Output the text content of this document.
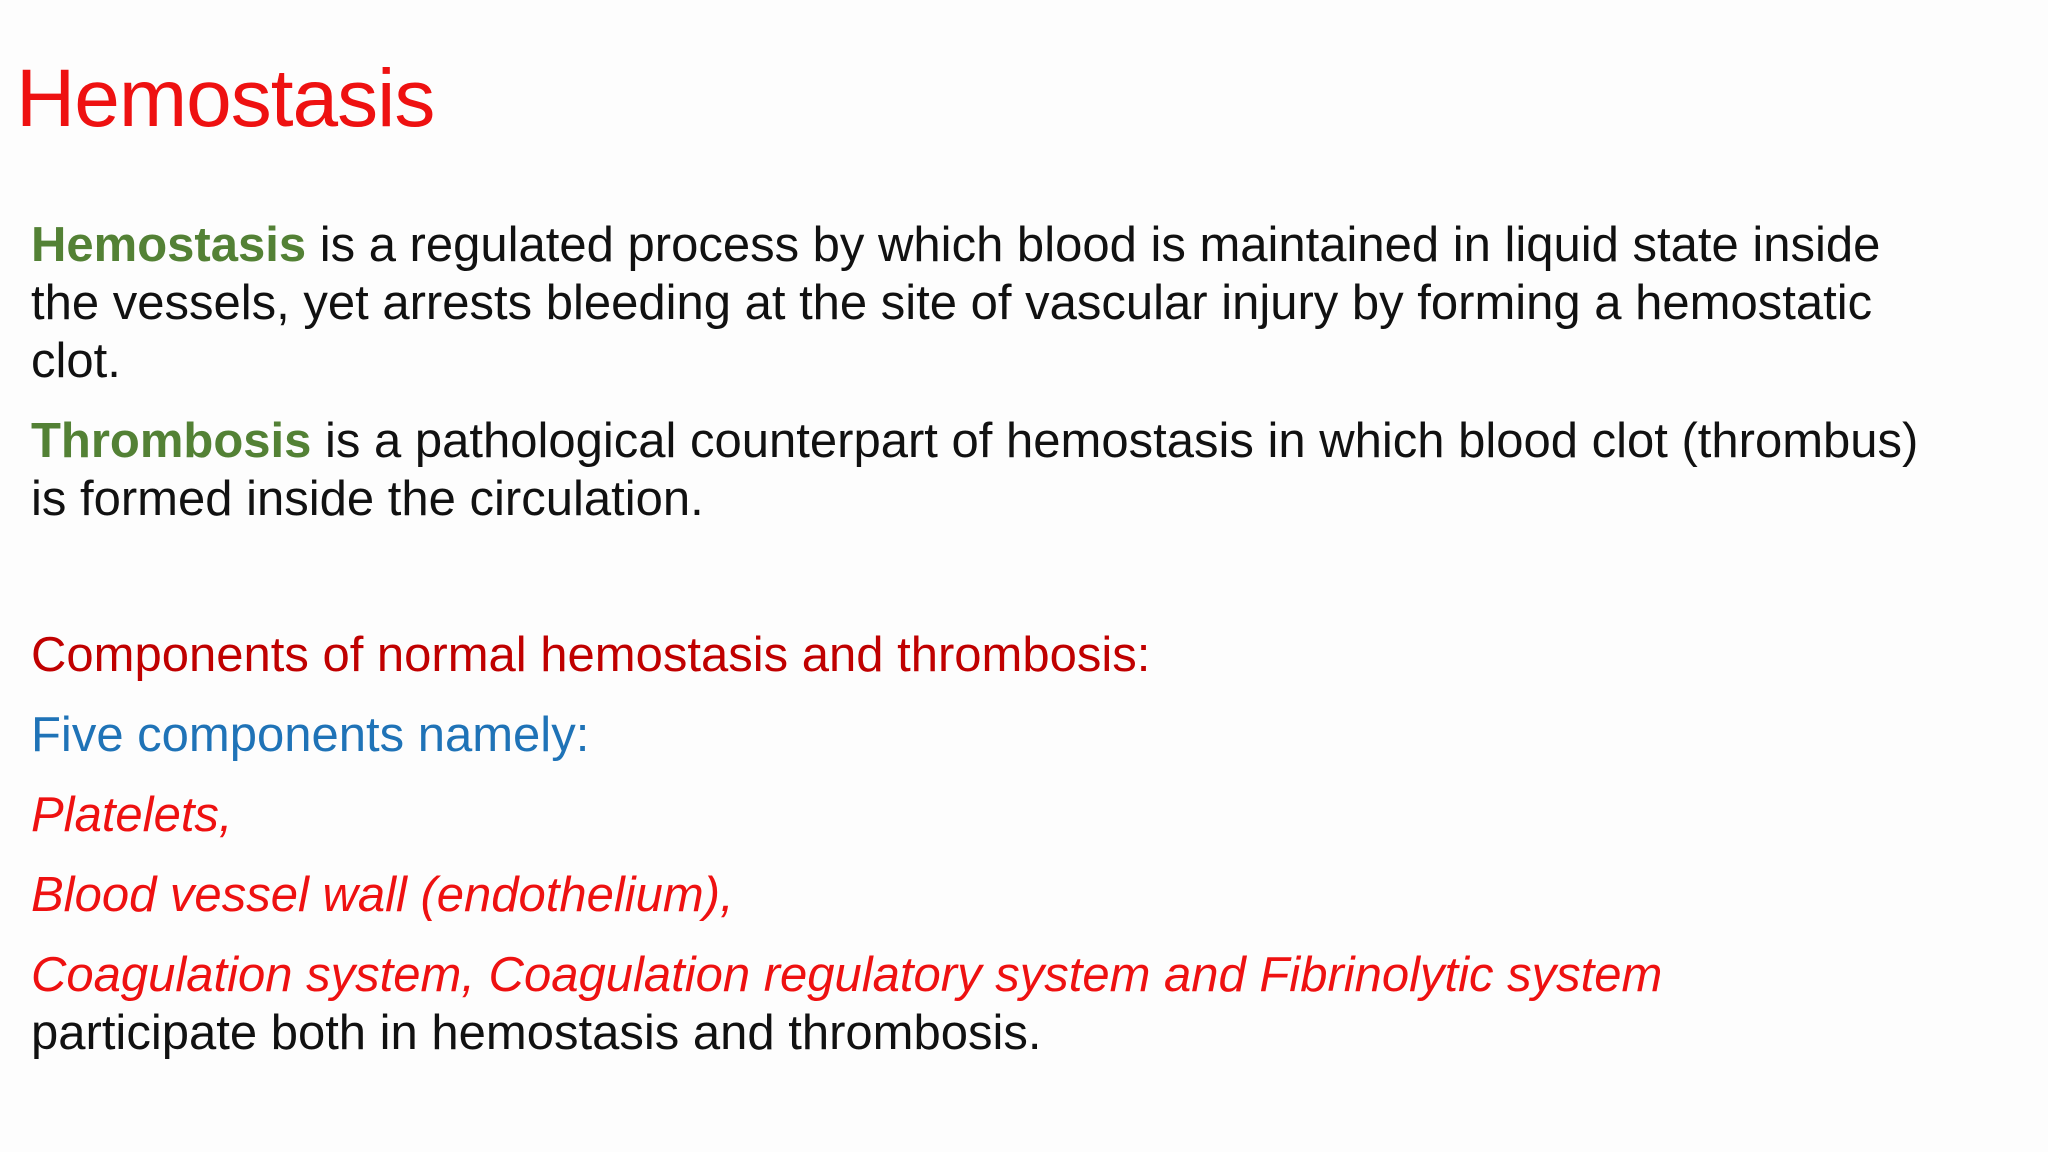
Hemostasis

Hemostasis is a regulated process by which blood is maintained in liquid state inside the vessels, yet arrests bleeding at the site of vascular injury by forming a hemostatic clot.

Thrombosis is a pathological counterpart of hemostasis in which blood clot (thrombus) is formed inside the circulation.

Components of normal hemostasis and thrombosis:

Five components namely:

Platelets,

Blood vessel wall (endothelium),

Coagulation system, Coagulation regulatory system and Fibrinolytic system
participate both in hemostasis and thrombosis.
